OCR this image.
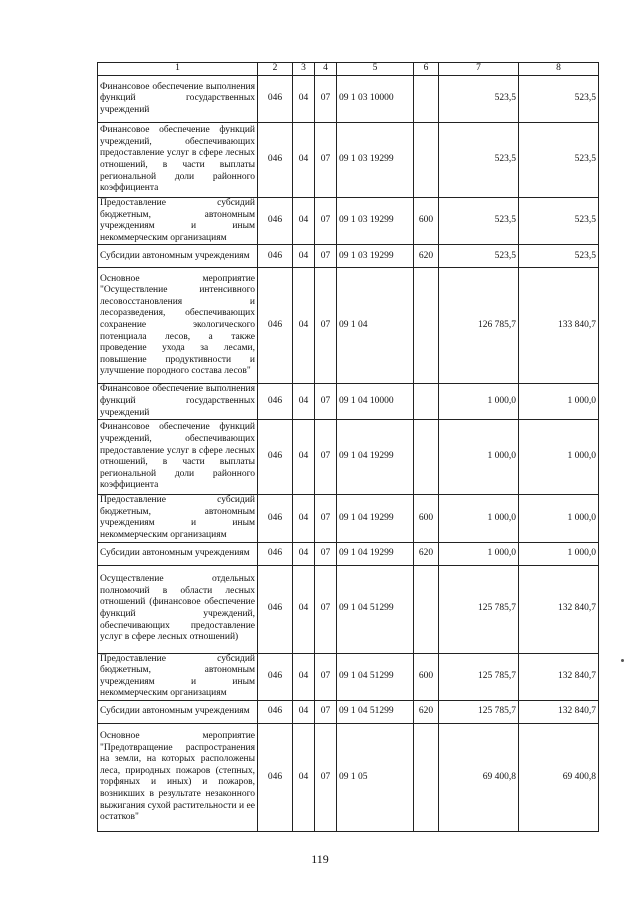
1	2	3	4	5	6	7	8
Финансовое обеспечение выполнения функций государственных учреждений	046	04	07	09 1 03 10000		523,5	523,5
Финансовое обеспечение функций учреждений, обеспечивающих предоставление услуг в сфере лесных отношений, в части выплаты региональной доли районного коэффициента	046	04	07	09 1 03 19299		523,5	523,5
Предоставление субсидий бюджетным, автономным учреждениям и иным некоммерческим организациям	046	04	07	09 1 03 19299	600	523,5	523,5
Субсидии автономным учреждениям	046	04	07	09 1 03 19299	620	523,5	523,5
Основное мероприятие "Осуществление интенсивного лесовосстановления и лесоразведения, обеспечивающих сохранение экологического потенциала лесов, а также проведение ухода за лесами, повышение продуктивности и улучшение породного состава лесов"	046	04	07	09 1 04		126 785,7	133 840,7
Финансовое обеспечение выполнения функций государственных учреждений	046	04	07	09 1 04 10000		1 000,0	1 000,0
Финансовое обеспечение функций учреждений, обеспечивающих предоставление услуг в сфере лесных отношений, в части выплаты региональной доли районного коэффициента	046	04	07	09 1 04 19299		1 000,0	1 000,0
Предоставление субсидий бюджетным, автономным учреждениям и иным некоммерческим организациям	046	04	07	09 1 04 19299	600	1 000,0	1 000,0
Субсидии автономным учреждениям	046	04	07	09 1 04 19299	620	1 000,0	1 000,0
Осуществление отдельных полномочий в области лесных отношений (финансовое обеспечение функций учреждений, обеспечивающих предоставление услуг в сфере лесных отношений)	046	04	07	09 1 04 51299		125 785,7	132 840,7
Предоставление субсидий бюджетным, автономным учреждениям и иным некоммерческим организациям	046	04	07	09 1 04 51299	600	125 785,7	132 840,7
Субсидии автономным учреждениям	046	04	07	09 1 04 51299	620	125 785,7	132 840,7
Основное мероприятие "Предотвращение распространения на земли, на которых расположены леса, природных пожаров (степных, торфяных и иных) и пожаров, возникших в результате незаконного выжигания сухой растительности и ее остатков"	046	04	07	09 1 05		69 400,8	69 400,8
119
